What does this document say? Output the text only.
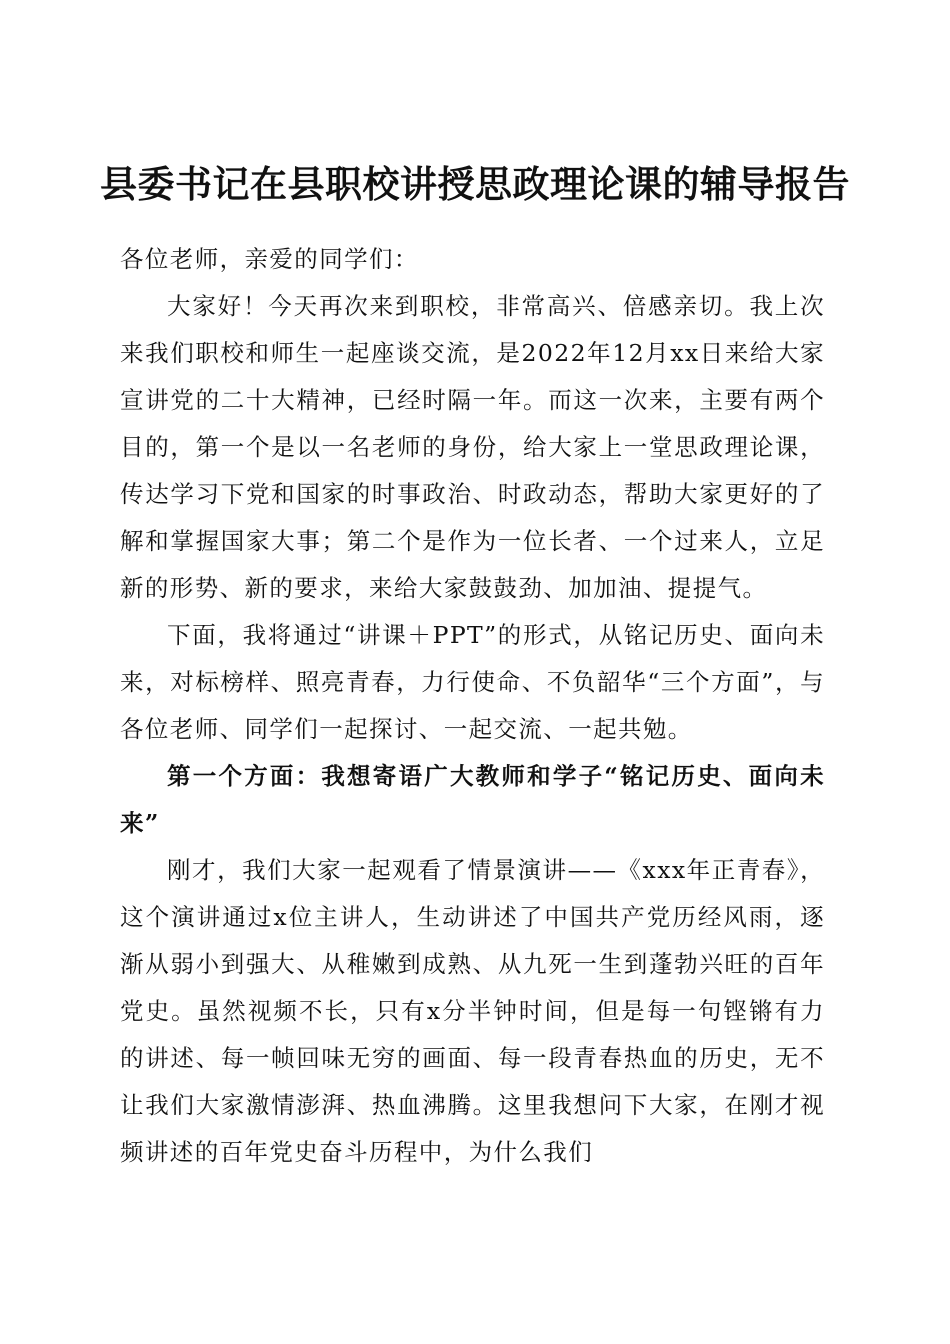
县委书记在县职校讲授思政理论课的辅导报告

各位老师，亲爱的同学们：

大家好！今天再次来到职校，非常高兴、倍感亲切。我上次来我们职校和师生一起座谈交流，是2022年12月xx日来给大家宣讲党的二十大精神，已经时隔一年。而这一次来，主要有两个目的，第一个是以一名老师的身份，给大家上一堂思政理论课，传达学习下党和国家的时事政治、时政动态，帮助大家更好的了解和掌握国家大事；第二个是作为一位长者、一个过来人，立足新的形势、新的要求，来给大家鼓鼓劲、加加油、提提气。

下面，我将通过“讲课＋PPT”的形式，从铭记历史、面向未来，对标榜样、照亮青春，力行使命、不负韶华“三个方面”，与各位老师、同学们一起探讨、一起交流、一起共勉。

第一个方面：我想寄语广大教师和学子“铭记历史、面向未来”

刚才，我们大家一起观看了情景演讲——《xxx年正青春》，这个演讲通过x位主讲人，生动讲述了中国共产党历经风雨，逐渐从弱小到强大、从稚嫩到成熟、从九死一生到蓬勃兴旺的百年党史。虽然视频不长，只有x分半钟时间，但是每一句铿锵有力的讲述、每一帧回味无穷的画面、每一段青春热血的历史，无不让我们大家激情澎湃、热血沸腾。这里我想问下大家，在刚才视频讲述的百年党史奋斗历程中，为什么我们
